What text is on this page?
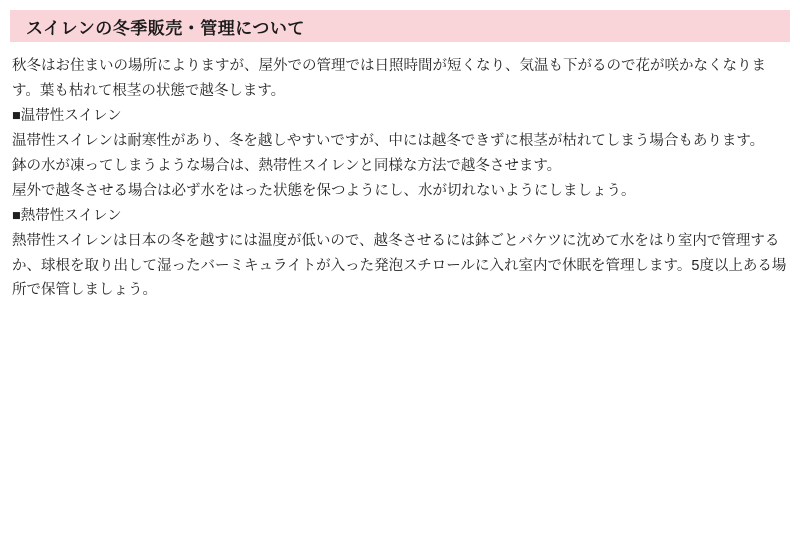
スイレンの冬季販売・管理について

秋冬はお住まいの場所によりますが、屋外での管理では日照時間が短くなり、気温も下がるので花が咲かなくなります。葉も枯れて根茎の状態で越冬します。

■温帯性スイレン

温帯性スイレンは耐寒性があり、冬を越しやすいですが、中には越冬できずに根茎が枯れてしまう場合もあります。

鉢の水が凍ってしまうような場合は、熱帯性スイレンと同様な方法で越冬させます。

屋外で越冬させる場合は必ず水をはった状態を保つようにし、水が切れないようにしましょう。

■熱帯性スイレン

熱帯性スイレンは日本の冬を越すには温度が低いので、越冬させるには鉢ごとバケツに沈めて水をはり室内で管理するか、球根を取り出して湿ったバーミキュライトが入った発泡スチロールに入れ室内で休眠を管理します。5度以上ある場所で保管しましょう。
